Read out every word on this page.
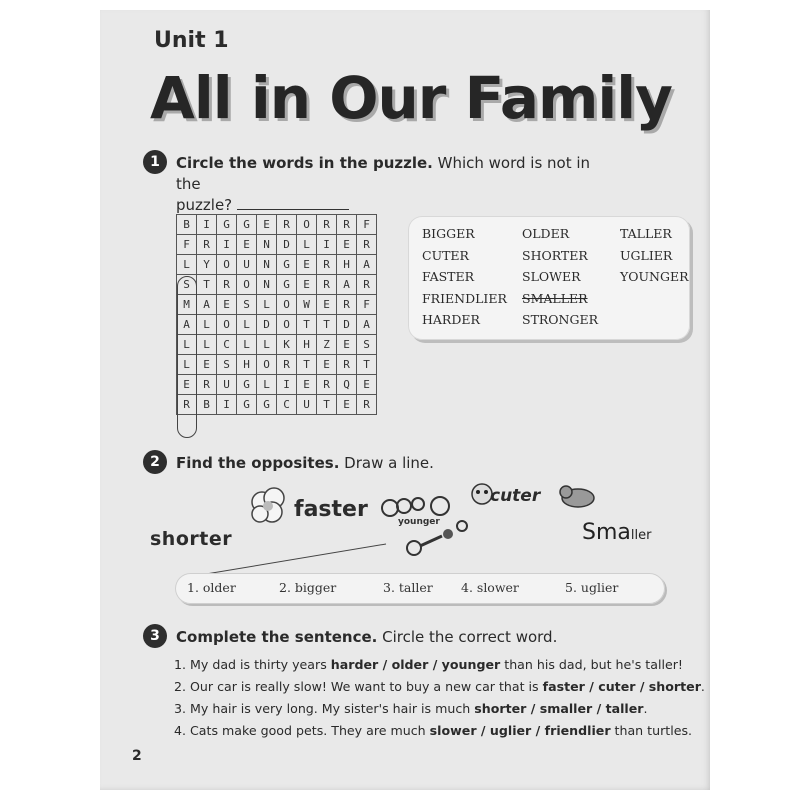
Unit 1
All in Our Family
1	Circle the words in the puzzle. Which word is not in the
puzzle?
B	I	G	G	E	R	O	R	R	F
F	R	I	E	N	D	L	I	E	R
L	Y	O	U	N	G	E	R	H	A
S	T	R	O	N	G	E	R	A	R
M	A	E	S	L	O	W	E	R	F
A	L	O	L	D	O	T	T	D	A
L	L	C	L	L	K	H	Z	E	S
L	E	S	H	O	R	T	E	R	T
E	R	U	G	L	I	E	R	Q	E
R	B	I	G	G	C	U	T	E	R
BIGGER
CUTER
FASTER
FRIENDLIER
HARDER
OLDER
SHORTER
SLOWER
SMALLER
STRONGER
TALLER
UGLIER
YOUNGER
2	Find the opposites. Draw a line.
faster	younger
cuter
shorter	Smaller
1. older	2. bigger	3. taller 4. slower	5. uglier
3	Complete the sentence. Circle the correct word.
1. My dad is thirty years harder / older / younger than his dad, but he's taller!
2. Our car is really slow! We want to buy a new car that is faster / cuter / shorter.
3. My hair is very long. My sister's hair is much shorter / smaller / taller.
4. Cats make good pets. They are much slower / uglier / friendlier than turtles.
2
